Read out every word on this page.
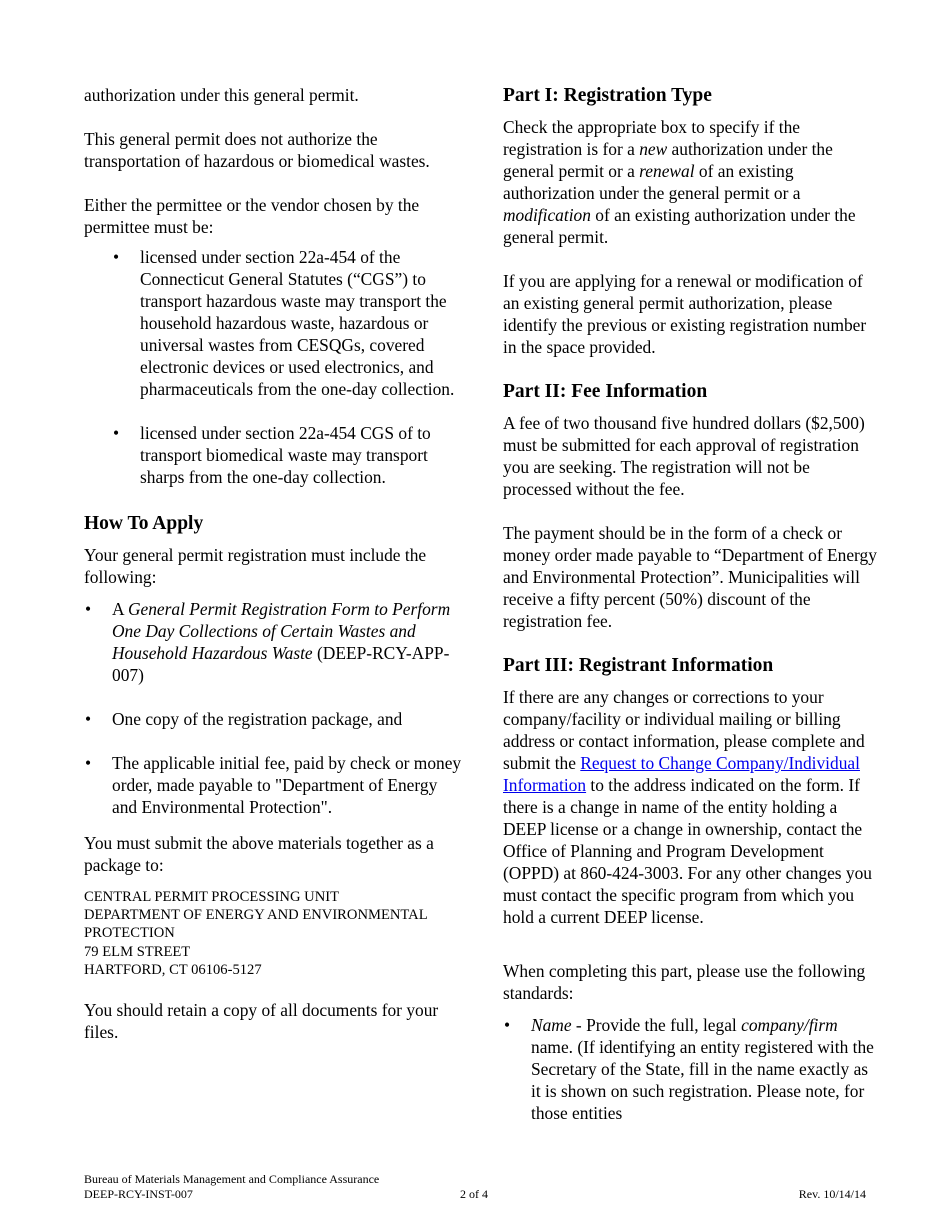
authorization under this general permit.

This general permit does not authorize the transportation of hazardous or biomedical wastes.

Either the permittee or the vendor chosen by the permittee must be:

• licensed under section 22a-454 of the Connecticut General Statutes (“CGS”) to transport hazardous waste may transport the household hazardous waste, hazardous or universal wastes from CESQGs, covered electronic devices or used electronics, and pharmaceuticals from the one-day collection.
• licensed under section 22a-454 CGS of to transport biomedical waste may transport sharps from the one-day collection.
How To Apply

Your general permit registration must include the following:

• A General Permit Registration Form to Perform One Day Collections of Certain Wastes and Household Hazardous Waste (DEEP-RCY-APP-007)
• One copy of the registration package, and
• The applicable initial fee, paid by check or money order, made payable to "Department of Energy and Environmental Protection".

You must submit the above materials together as a package to:

CENTRAL PERMIT PROCESSING UNIT
DEPARTMENT OF ENERGY AND ENVIRONMENTAL PROTECTION
79 ELM STREET
HARTFORD, CT 06106-5127

You should retain a copy of all documents for your files.

Part I: Registration Type

Check the appropriate box to specify if the registration is for a new authorization under the general permit or a renewal of an existing authorization under the general permit or a modification of an existing authorization under the general permit.

If you are applying for a renewal or modification of an existing general permit authorization, please identify the previous or existing registration number in the space provided.

Part II: Fee Information

A fee of two thousand five hundred dollars ($2,500) must be submitted for each approval of registration you are seeking. The registration will not be processed without the fee.

The payment should be in the form of a check or money order made payable to “Department of Energy and Environmental Protection”. Municipalities will receive a fifty percent (50%) discount of the registration fee.

Part III: Registrant Information

If there are any changes or corrections to your company/facility or individual mailing or billing address or contact information, please complete and submit the Request to Change Company/Individual Information to the address indicated on the form. If there is a change in name of the entity holding a DEEP license or a change in ownership, contact the Office of Planning and Program Development (OPPD) at 860-424-3003. For any other changes you must contact the specific program from which you hold a current DEEP license.

When completing this part, please use the following standards:

• Name - Provide the full, legal company/firm name. (If identifying an entity registered with the Secretary of the State, fill in the name exactly as it is shown on such registration. Please note, for those entities
Bureau of Materials Management and Compliance Assurance
DEEP-RCY-INST-007	2 of 4	Rev. 10/14/14
